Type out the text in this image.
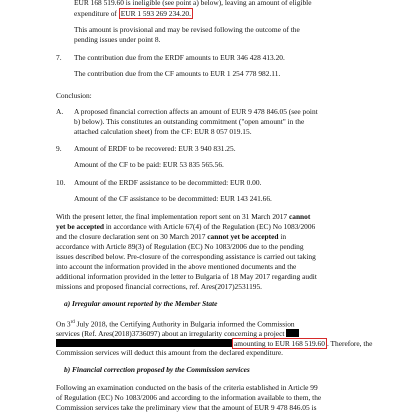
EUR 168 519.60 is ineligible (see point a) below), leaving an amount of eligible
expenditure of EUR 1 593 269 234.20.
This amount is provisional and may be revised following the outcome of the
pending issues under point 8.
7. The contribution due from the ERDF amounts to EUR 346 428 413.20.
The contribution due from the CF amounts to EUR 1 254 778 982.11.
Conclusion:
A. A proposed financial correction affects an amount of EUR 9 478 846.05 (see point
b) below). This constitutes an outstanding commitment ("open amount" in the
attached calculation sheet) from the CF: EUR 8 057 019.15.
9. Amount of ERDF to be recovered: EUR 3 940 831.25.
Amount of the CF to be paid: EUR 53 835 565.56.
10. Amount of the ERDF assistance to be decommitted: EUR 0.00.
Amount of the CF assistance to be decommitted: EUR 143 241.66.
With the present letter, the final implementation report sent on 31 March 2017 cannot
yet be accepted in accordance with Article 67(4) of the Regulation (EC) No 1083/2006
and the closure declaration sent on 30 March 2017 cannot yet be accepted in
accordance with Article 89(3) of Regulation (EC) No 1083/2006 due to the pending
issues described below. Pre-closure of the corresponding assistance is carried out taking
into account the information provided in the above mentioned documents and the
additional information provided in the letter to Bulgaria of 18 May 2017 regarding audit
missions and proposed financial corrections, ref. Ares(2017)2531195.
a) Irregular amount reported by the Member State
On 3rd July 2018, the Certifying Authority in Bulgaria informed the Commission
services (Ref. Ares(2018)3736097) about an irregularity concerning a project
amounting to EUR 168 519.60 . Therefore, the
Commission services will deduct this amount from the declared expenditure.
b) Financial correction proposed by the Commission services
Following an examination conducted on the basis of the criteria established in Article 99
of Regulation (EC) No 1083/2006 and according to the information available to them, the
Commission services take the preliminary view that the amount of EUR 9 478 846.05 is
